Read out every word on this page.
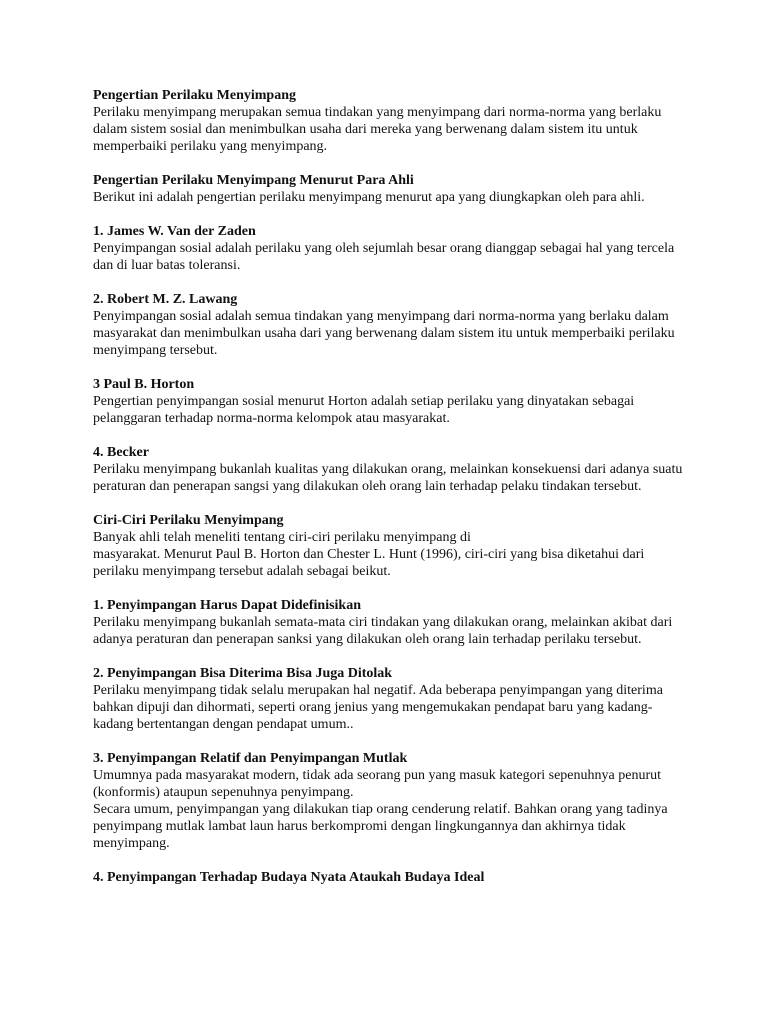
Pengertian Perilaku Menyimpang

Perilaku menyimpang merupakan semua tindakan yang menyimpang dari norma-norma yang berlaku dalam sistem sosial dan menimbulkan usaha dari mereka yang berwenang dalam sistem itu untuk memperbaiki perilaku yang menyimpang.

Pengertian Perilaku Menyimpang Menurut Para Ahli

Berikut ini adalah pengertian perilaku menyimpang menurut apa yang diungkapkan oleh para ahli.

1. James W. Van der Zaden

Penyimpangan sosial adalah perilaku yang oleh sejumlah besar orang dianggap sebagai hal yang tercela dan di luar batas toleransi.

2. Robert M. Z. Lawang

Penyimpangan sosial adalah semua tindakan yang menyimpang dari norma-norma yang berlaku dalam masyarakat dan menimbulkan usaha dari yang berwenang dalam sistem itu untuk memperbaiki perilaku menyimpang tersebut.

3 Paul B. Horton

Pengertian penyimpangan sosial menurut Horton adalah setiap perilaku yang dinyatakan sebagai pelanggaran terhadap norma-norma kelompok atau masyarakat.

4. Becker

Perilaku menyimpang bukanlah kualitas yang dilakukan orang, melainkan konsekuensi dari adanya suatu peraturan dan penerapan sangsi yang dilakukan oleh orang lain terhadap pelaku tindakan tersebut.

Ciri-Ciri Perilaku Menyimpang

Banyak ahli telah meneliti tentang ciri-ciri perilaku menyimpang di

masyarakat. Menurut Paul B. Horton dan Chester L. Hunt (1996), ciri-ciri yang bisa diketahui dari perilaku menyimpang tersebut adalah sebagai beikut.

1. Penyimpangan Harus Dapat Didefinisikan

Perilaku menyimpang bukanlah semata-mata ciri tindakan yang dilakukan orang, melainkan akibat dari adanya peraturan dan penerapan sanksi yang dilakukan oleh orang lain terhadap perilaku tersebut.

2. Penyimpangan Bisa Diterima Bisa Juga Ditolak

Perilaku menyimpang tidak selalu merupakan hal negatif. Ada beberapa penyimpangan yang diterima bahkan dipuji dan dihormati, seperti orang jenius yang mengemukakan pendapat baru yang kadang-kadang bertentangan dengan pendapat umum..

3. Penyimpangan Relatif dan Penyimpangan Mutlak

Umumnya pada masyarakat modern, tidak ada seorang pun yang masuk kategori sepenuhnya penurut (konformis) ataupun sepenuhnya penyimpang.

Secara umum, penyimpangan yang dilakukan tiap orang cenderung relatif. Bahkan orang yang tadinya penyimpang mutlak lambat laun harus berkompromi dengan lingkungannya dan akhirnya tidak menyimpang.

4. Penyimpangan Terhadap Budaya Nyata Ataukah Budaya Ideal
